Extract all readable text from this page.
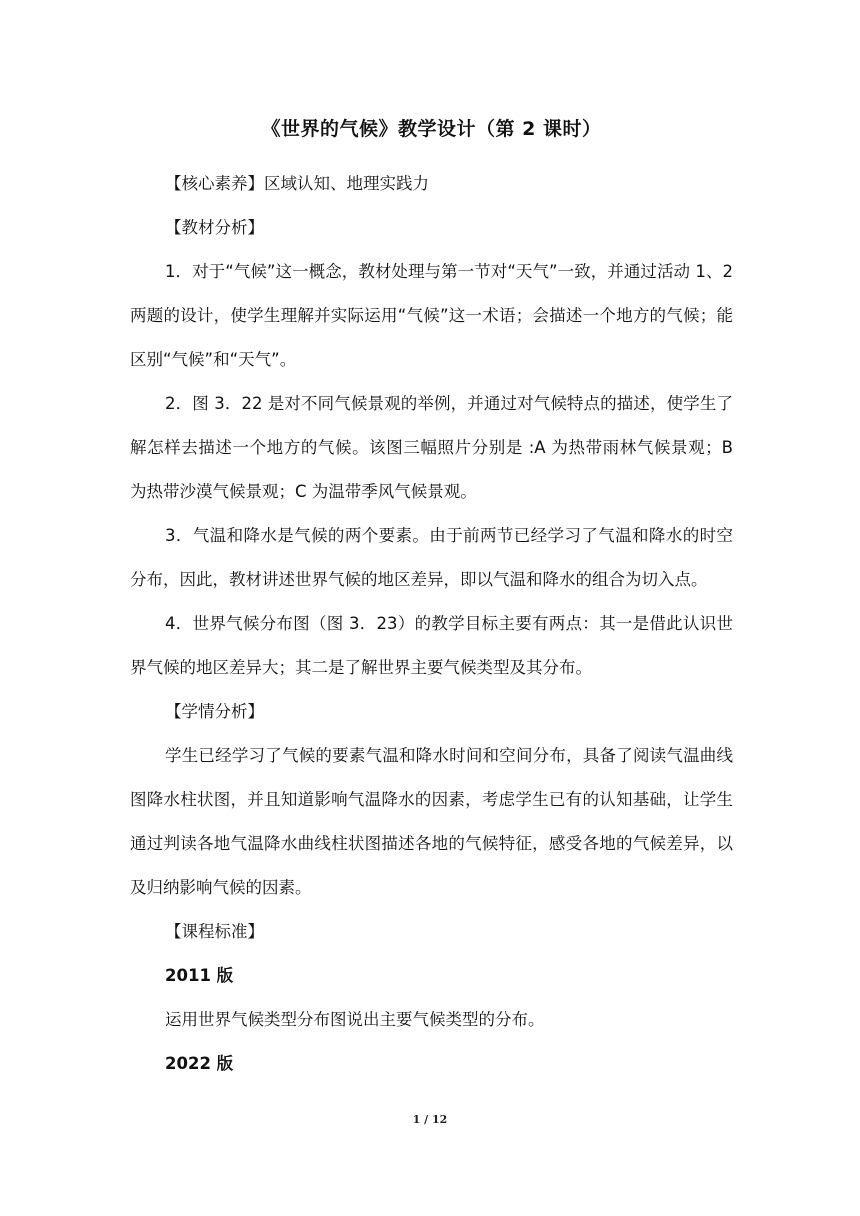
《世界的气候》教学设计（第 2 课时）

【核心素养】区域认知、地理实践力

【教材分析】

1．对于“气候”这一概念，教材处理与第一节对“天气”一致，并通过活动 1、2 两题的设计，使学生理解并实际运用“气候”这一术语；会描述一个地方的气候；能区别“气候”和“天气”。

2．图 3．22 是对不同气候景观的举例，并通过对气候特点的描述，使学生了解怎样去描述一个地方的气候。该图三幅照片分别是 :A 为热带雨林气候景观；B 为热带沙漠气候景观；C 为温带季风气候景观。

3．气温和降水是气候的两个要素。由于前两节已经学习了气温和降水的时空分布，因此，教材讲述世界气候的地区差异，即以气温和降水的组合为切入点。

4．世界气候分布图（图 3．23）的教学目标主要有两点：其一是借此认识世界气候的地区差异大；其二是了解世界主要气候类型及其分布。

【学情分析】

学生已经学习了气候的要素气温和降水时间和空间分布，具备了阅读气温曲线图降水柱状图，并且知道影响气温降水的因素，考虑学生已有的认知基础，让学生通过判读各地气温降水曲线柱状图描述各地的气候特征，感受各地的气候差异，以及归纳影响气候的因素。

【课程标准】

2011 版

运用世界气候类型分布图说出主要气候类型的分布。

2022 版

1 / 12
